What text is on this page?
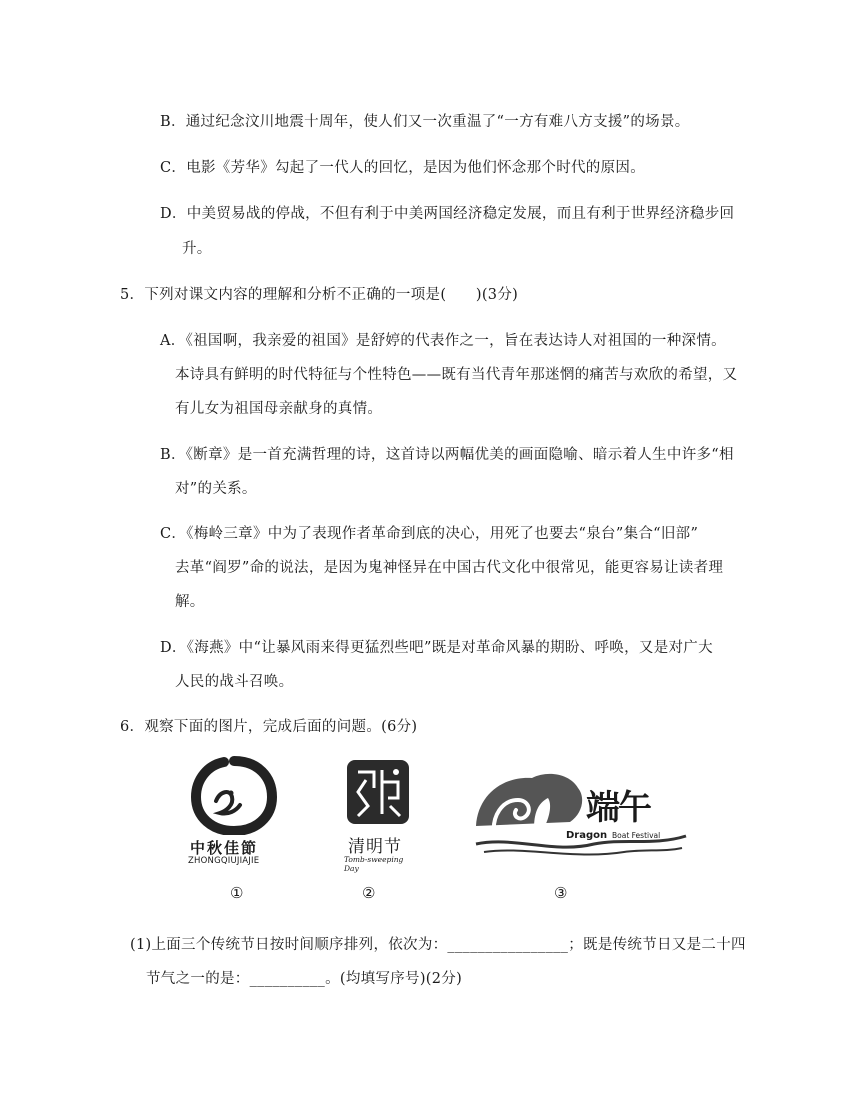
B．通过纪念汶川地震十周年，使人们又一次重温了“一方有难八方支援”的场景。
C．电影《芳华》勾起了一代人的回忆，是因为他们怀念那个时代的原因。
D．中美贸易战的停战，不但有利于中美两国经济稳定发展，而且有利于世界经济稳步回
升。
5．下列对课文内容的理解和分析不正确的一项是(　　)(3分)
A．《祖国啊，我亲爱的祖国》是舒婷的代表作之一，旨在表达诗人对祖国的一种深情。
本诗具有鲜明的时代特征与个性特色——既有当代青年那迷惘的痛苦与欢欣的希望，又
有儿女为祖国母亲献身的真情。
B．《断章》是一首充满哲理的诗，这首诗以两幅优美的画面隐喻、暗示着人生中许多“相
对”的关系。
C．《梅岭三章》中为了表现作者革命到底的决心，用死了也要去“泉台”集合“旧部”
去革“阎罗”命的说法，是因为鬼神怪异在中国古代文化中很常见，能更容易让读者理
解。
D．《海燕》中“让暴风雨来得更猛烈些吧”既是对革命风暴的期盼、呼唤，又是对广大
人民的战斗召唤。
6．观察下面的图片，完成后面的问题。(6分)
中秋佳節
ZHONGQIUJIAJIE
清明节
Tomb-sweeping Day
端午
Dragon Boat Festival
①	②	③
(1)上面三个传统节日按时间顺序排列，依次为：________________；既是传统节日又是二十四
节气之一的是：__________。(均填写序号)(2分)
